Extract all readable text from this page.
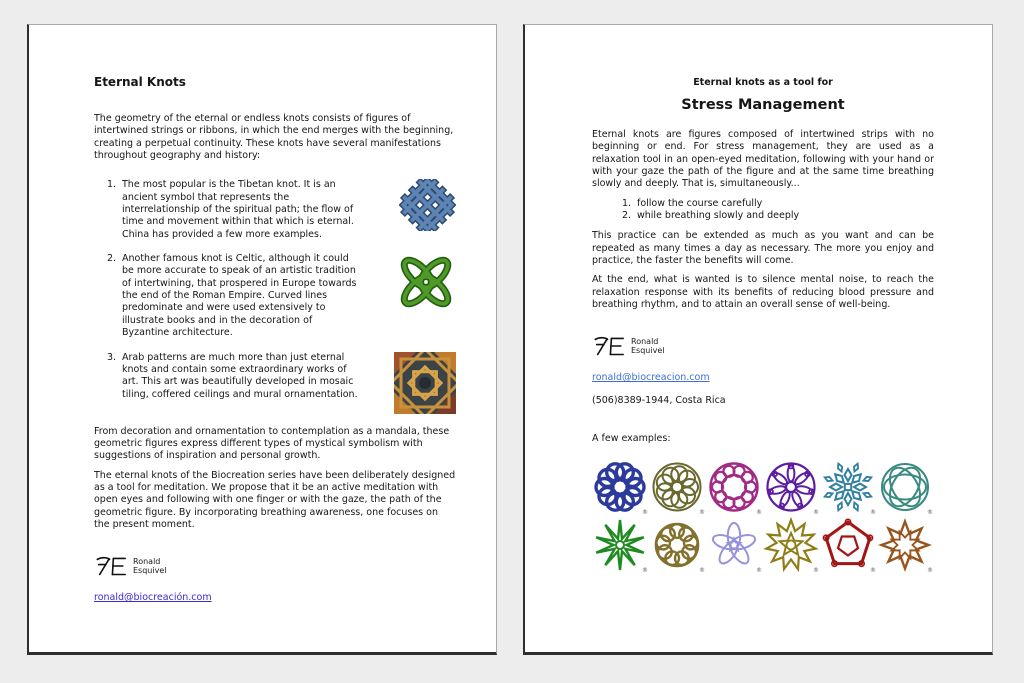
Eternal Knots

The geometry of the eternal or endless knots consists of figures of intertwined strings or ribbons, in which the end merges with the beginning, creating a perpetual continuity. These knots have several manifestations throughout geography and history:

1. The most popular is the Tibetan knot. It is an ancient symbol that represents the interrelationship of the spiritual path; the flow of time and movement within that which is eternal. China has provided a few more examples.

2. Another famous knot is Celtic, although it could be more accurate to speak of an artistic tradition of intertwining, that prospered in Europe towards the end of the Roman Empire. Curved lines predominate and were used extensively to illustrate books and in the decoration of Byzantine architecture.

3. Arab patterns are much more than just eternal knots and contain some extraordinary works of art. This art was beautifully developed in mosaic tiling, coffered ceilings and mural ornamentation.

From decoration and ornamentation to contemplation as a mandala, these geometric figures express different types of mystical symbolism with suggestions of inspiration and personal growth.

The eternal knots of the Biocreation series have been deliberately designed as a tool for meditation. We propose that it be an active meditation with open eyes and following with one finger or with the gaze, the path of the geometric figure. By incorporating breathing awareness, one focuses on the present moment.

Ronald
Esquivel
ronald@biocreación.com
Eternal knots as a tool for
Stress Management

Eternal knots are figures composed of intertwined strips with no beginning or end. For stress management, they are used as a relaxation tool in an open-eyed meditation, following with your hand or with your gaze the path of the figure and at the same time breathing slowly and deeply. That is, simultaneously...

1. follow the course carefully
2. while breathing slowly and deeply

This practice can be extended as much as you want and can be repeated as many times a day as necessary. The more you enjoy and practice, the faster the benefits will come.

At the end, what is wanted is to silence mental noise, to reach the relaxation response with its benefits of reducing blood pressure and breathing rhythm, and to attain an overall sense of well-being.

Ronald
Esquivel
ronald@biocreacion.com

(506)8389-1944, Costa Rica

A few examples:

®	®	®	®	®	®
®	®	®	®	®	®
